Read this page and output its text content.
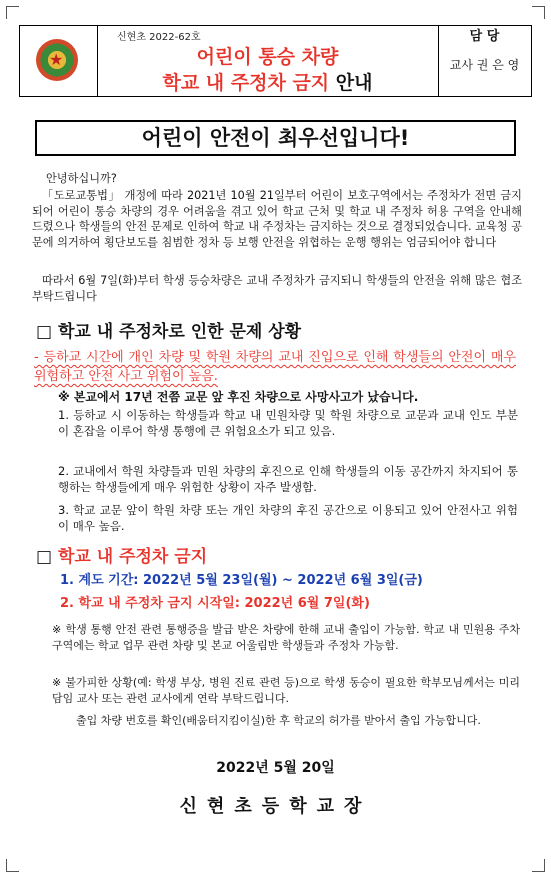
★
신현초 2022-62호
어린이 통승 차량
학교 내 주정차 금지 안내
담 당
교사 권 은 영
어린이 안전이 최우선입니다!
안녕하십니까?
「도로교통법」 개정에 따라 2021년 10월 21일부터 어린이 보호구역에서는 주정차가 전면 금지되어 어린이 통승 차량의 경우 어려움을 겪고 있어 학교 근처 및 학교 내 주정차 허용 구역을 안내해 드렸으나 학생들의 안전 문제로 인하여 학교 내 주정차는 금지하는 것으로 결정되었습니다. 교육청 공문에 의거하여 횡단보도를 침범한 정차 등 보행 안전을 위협하는 운행 행위는 엄금되어야 합니다
따라서 6월 7일(화)부터 학생 등승차량은 교내 주정차가 금지되니 학생들의 안전을 위해 많은 협조 부탁드립니다
□ 학교 내 주정차로 인한 문제 상황
- 등하교 시간에 개인 차량 및 학원 차량의 교내 진입으로 인해 학생들의 안전이 매우 위험하고 안전 사고 위험이 높음.
※ 본교에서 17년 전쯤 교문 앞 후진 차량으로 사망사고가 났습니다.
1. 등하교 시 이동하는 학생들과 학교 내 민원차량 및 학원 차량으로 교문과 교내 인도 부분이 혼잡을 이루어 학생 통행에 큰 위험요소가 되고 있음.
2. 교내에서 학원 차량들과 민원 차량의 후진으로 인해 학생들의 이동 공간까지 차지되어 통행하는 학생들에게 매우 위험한 상황이 자주 발생함.
3. 학교 교문 앞이 학원 차량 또는 개인 차량의 후진 공간으로 이용되고 있어 안전사고 위험이 매우 높음.
□ 학교 내 주정차 금지
1. 계도 기간: 2022년 5월 23일(월) ~ 2022년 6월 3일(금)
2. 학교 내 주정차 금지 시작일: 2022년 6월 7일(화)
※ 학생 통행 안전 관련 통행증을 발급 받은 차량에 한해 교내 출입이 가능함. 학교 내 민원용 주차구역에는 학교 업무 관련 차량 및 본교 어울림반 학생들과 주정차 가능함.
※ 불가피한 상황(예: 학생 부상, 병원 진료 관련 등)으로 학생 동승이 필요한 학부모님께서는 미리 담임 교사 또는 관련 교사에게 연락 부탁드립니다.
출입 차량 번호를 확인(배움터지킴이실)한 후 학교의 허가를 받아서 출입 가능합니다.
2022년 5월 20일
신현초등학교장
